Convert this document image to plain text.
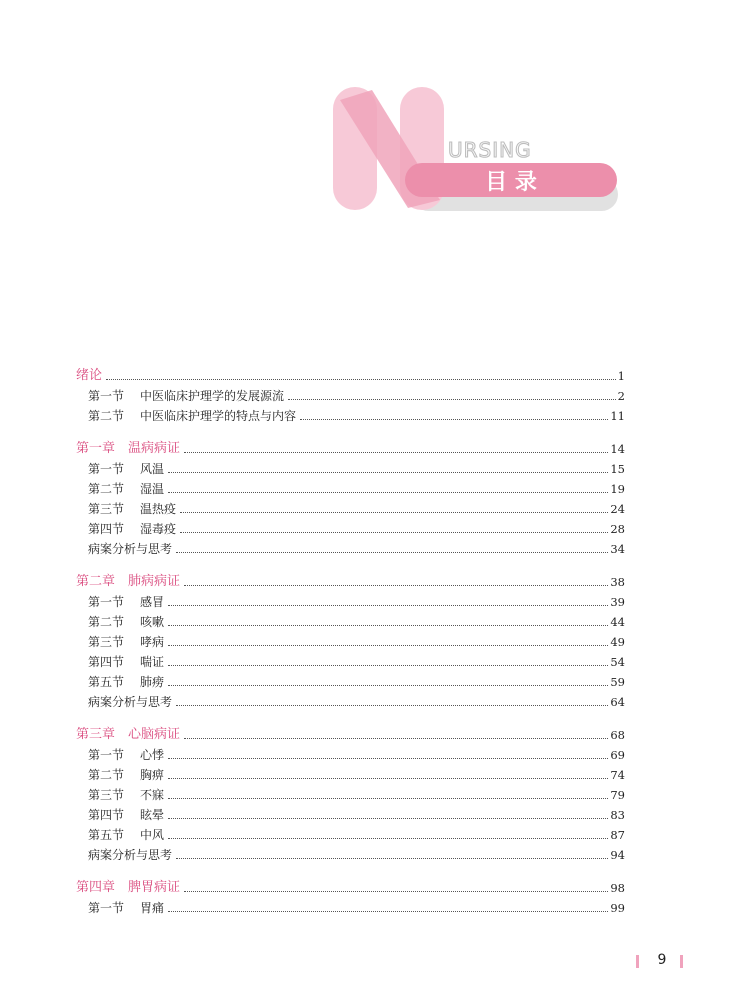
URSING
目 录
绪论	1
第一节	中医临床护理学的发展源流	2
第二节	中医临床护理学的特点与内容	11
第一章　温病病证	14
第一节	风温	15
第二节	湿温	19
第三节	温热疫	24
第四节	湿毒疫	28
病案分析与思考	34
第二章　肺病病证	38
第一节	感冒	39
第二节	咳嗽	44
第三节	哮病	49
第四节	喘证	54
第五节	肺痨	59
病案分析与思考	64
第三章　心脑病证	68
第一节	心悸	69
第二节	胸痹	74
第三节	不寐	79
第四节	眩晕	83
第五节	中风	87
病案分析与思考	94
第四章　脾胃病证	98
第一节	胃痛	99
9
